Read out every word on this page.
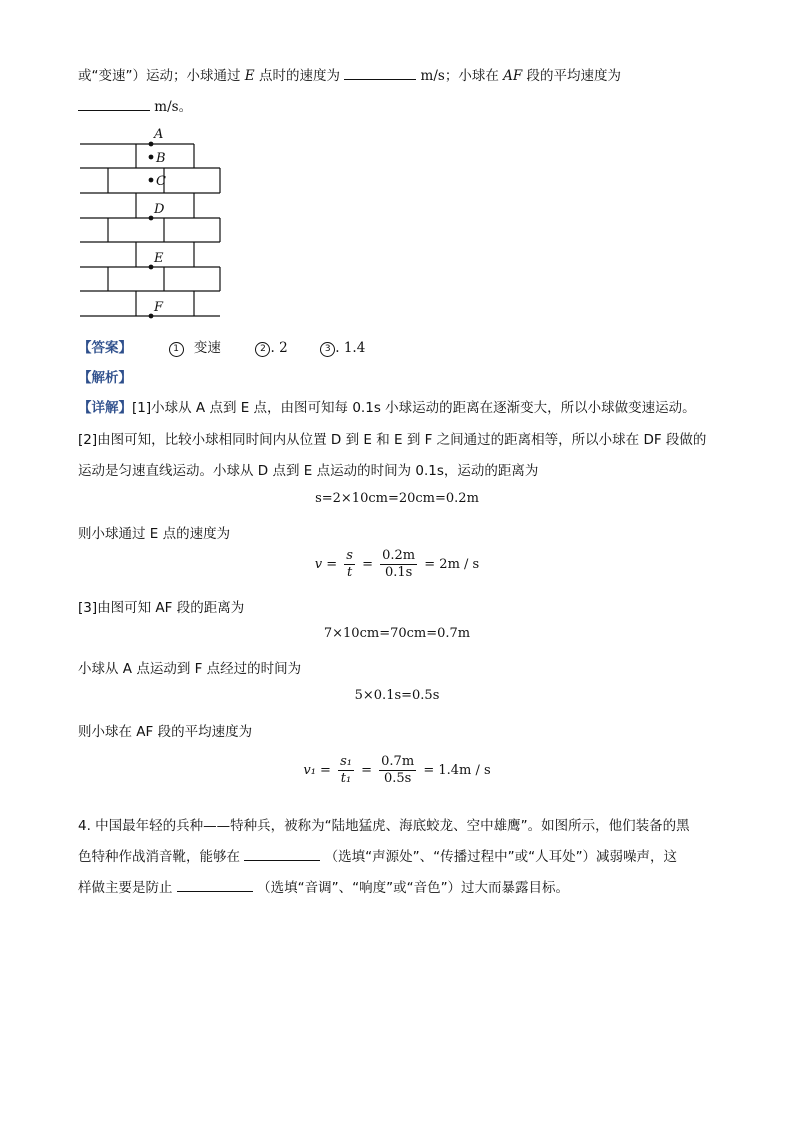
或“变速”）运动；小球通过 E 点时的速度为	m/s；小球在 AF 段的平均速度为
m/s。
A
B
C
D
E
F
【答案】	1 变速	2 . 2	3 . 1.4
【解析】
【详解】[1]小球从 A 点到 E 点，由图可知每 0.1s 小球运动的距离在逐渐变大，所以小球做变速运动。
[2]由图可知，比较小球相同时间内从位置 D 到 E 和 E 到 F 之间通过的距离相等，所以小球在 DF 段做的
运动是匀速直线运动。小球从 D 点到 E 点运动的时间为 0.1s，运动的距离为
s=2×10cm=20cm=0.2m
则小球通过 E 点的速度为
$v = \frac{s}{t} = \frac{0.2m}{0.1s} = 2m / s$
[3]由图可知 AF 段的距离为
7×10cm=70cm=0.7m
小球从 A 点运动到 F 点经过的时间为
5×0.1s=0.5s
则小球在 AF 段的平均速度为
$v_1 = \frac{\text{s₁}}{\text{t₁}} = \frac{0.7m}{0.5s} = 1.4m / s$
4. 中国最年轻的兵种——特种兵，被称为“陆地猛虎、海底蛟龙、空中雄鹰”。如图所示，他们装备的黑
色特种作战消音靴，能够在	（选填“声源处”、“传播过程中”或“人耳处”）减弱噪声，这
样做主要是防止	（选填“音调”、“响度”或“音色”）过大而暴露目标。
